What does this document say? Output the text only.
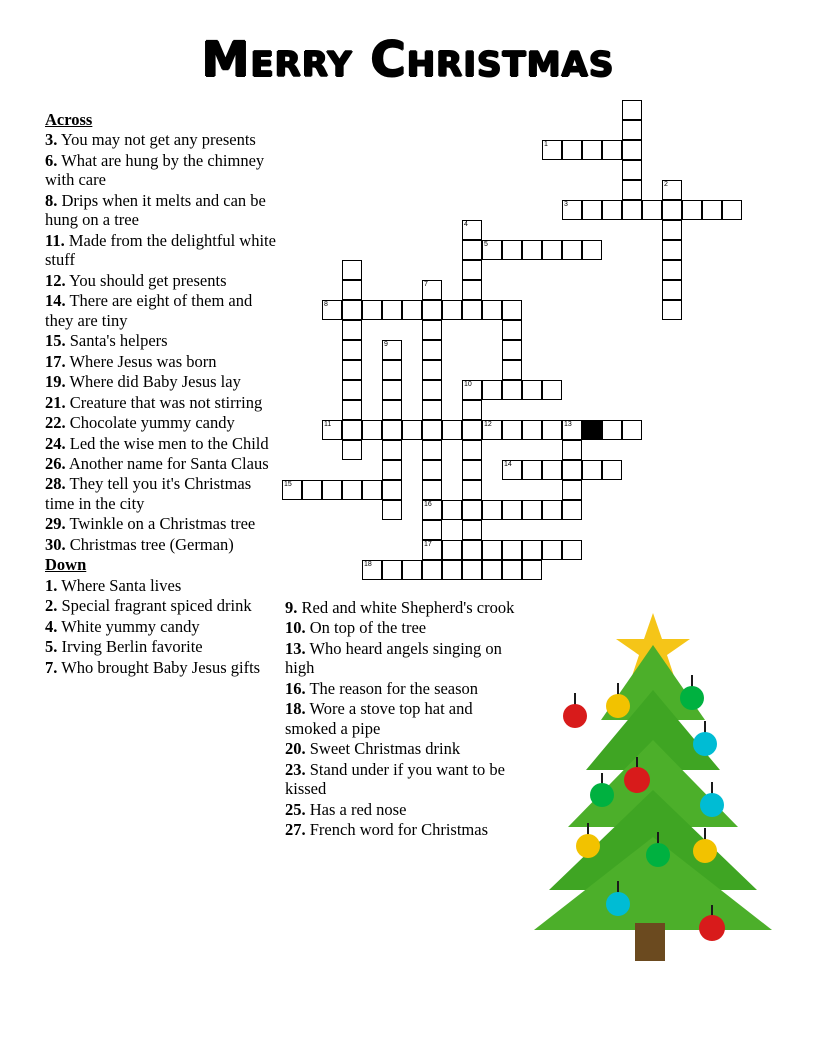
Merry Christmas
Across
3. You may not get any presents
6. What are hung by the chimney with care
8. Drips when it melts and can be hung on a tree
11. Made from the delightful white stuff
12. You should get presents
14. There are eight of them and they are tiny
15. Santa's helpers
17. Where Jesus was born
19. Where did Baby Jesus lay
21. Creature that was not stirring
22. Chocolate yummy candy
24. Led the wise men to the Child
26. Another name for Santa Claus
28. They tell you it's Christmas time in the city
29. Twinkle on a Christmas tree
30. Christmas tree (German)
Down
1. Where Santa lives
2. Special fragrant spiced drink
4. White yummy candy
5. Irving Berlin favorite
7. Who brought Baby Jesus gifts
9. Red and white Shepherd's crook
10. On top of the tree
13. Who heard angels singing on high
16. The reason for the season
18. Wore a stove top hat and smoked a pipe
20. Sweet Christmas drink
23. Stand under if you want to be kissed
25. Has a red nose
27. French word for Christmas
1
2
3
4
5
7
8
9
10
11	12	13
14
15
16
17
18
